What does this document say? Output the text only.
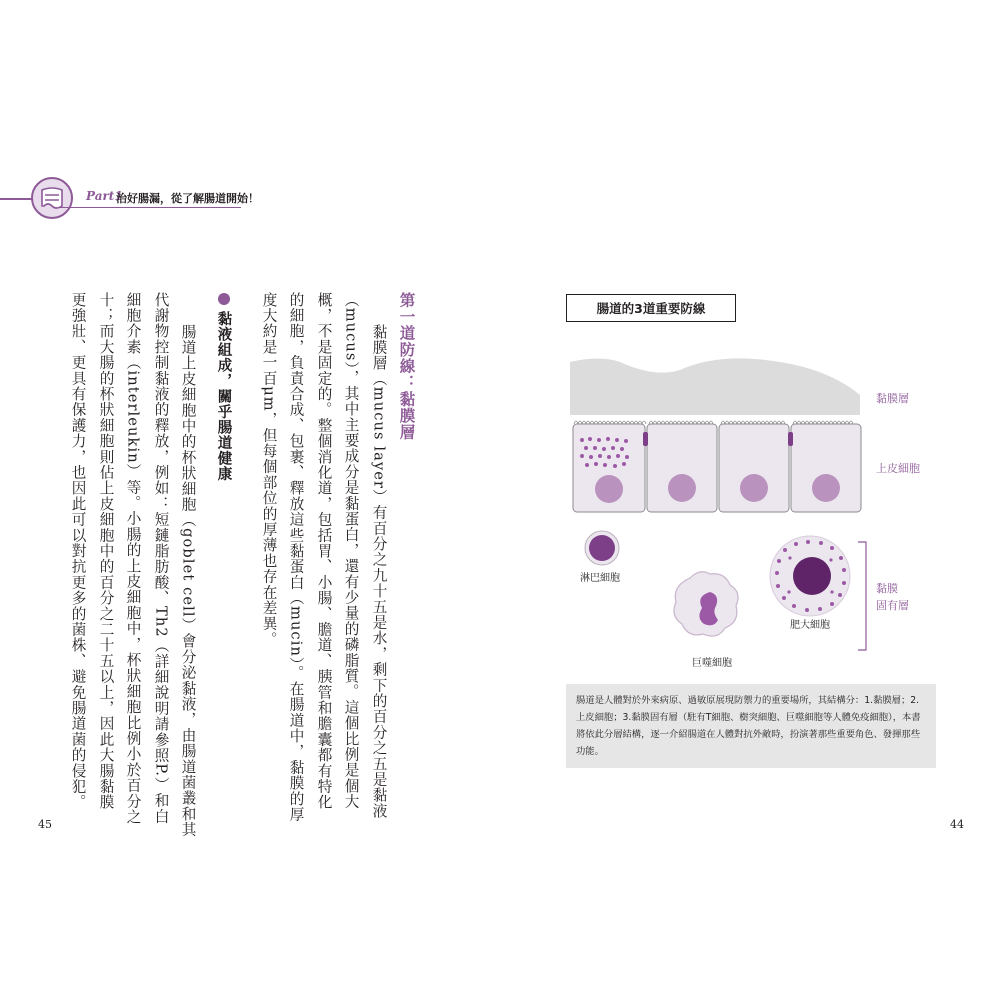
Part1
治好腸漏，從了解腸道開始！
第一道防線：黏膜層
黏膜層（mucus layer）有百分之九十五是水，剩下的百分之五是黏液
（mucus），其中主要成分是黏蛋白，還有少量的磷脂質。這個比例是個大
概，不是固定的。整個消化道，包括胃、小腸、膽道、胰管和膽囊都有特化
的細胞，負責合成、包裹、釋放這些黏蛋白（mucin）。在腸道中，黏膜的厚
度大約是一百μm，但每個部位的厚薄也存在差異。
黏液組成，關乎腸道健康
腸道上皮細胞中的杯狀細胞（goblet cell）會分泌黏液，由腸道菌叢和其
代謝物控制黏液的釋放，例如：短鏈脂肪酸、Th2（詳細說明請參照P.）和白
細胞介素（interleukin）等。小腸的上皮細胞中，杯狀細胞比例小於百分之
十；而大腸的杯狀細胞則佔上皮細胞中的百分之二十五以上，因此大腸黏膜
更強壯、更具有保護力，也因此可以對抗更多的菌株、避免腸道菌的侵犯。
45
腸道的3道重要防線
黏膜層
上皮細胞
黏膜
固有層
淋巴細胞
肥大細胞
巨噬細胞
腸道是人體對於外來病原、過敏原展現防禦力的重要場所，其結構分：1.黏膜層；2.上皮細胞；3.黏膜固有層（駐有T細胞、樹突細胞、巨噬細胞等人體免疫細胞），本書將依此分層結構，逐一介紹腸道在人體對抗外敵時，扮演著那些重要角色、發揮那些功能。
44
